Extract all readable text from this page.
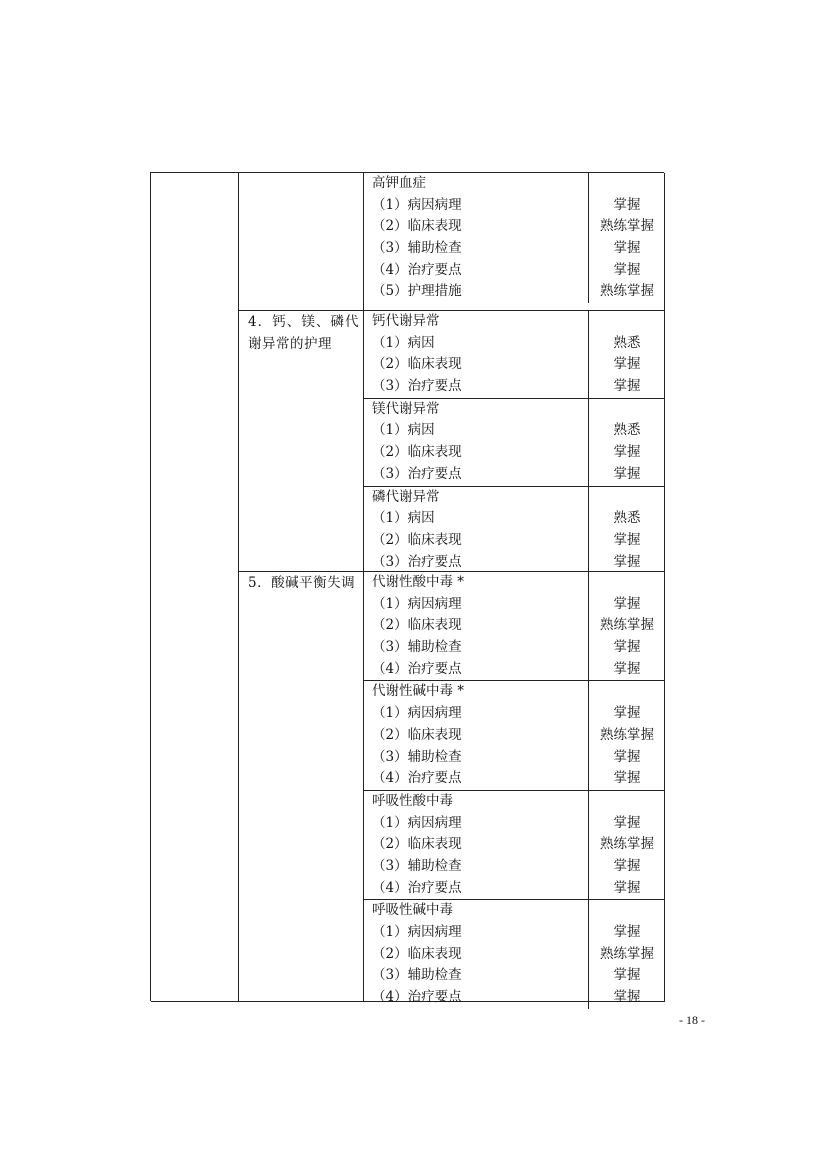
4．钙、镁、磷代谢异常的护理
5．酸碱平衡失调
高钾血症
（1）病因病理
（2）临床表现
（3）辅助检查
（4）治疗要点
（5）护理措施
掌握
熟练掌握
掌握
掌握
熟练掌握
钙代谢异常
（1）病因
（2）临床表现
（3）治疗要点
熟悉
掌握
掌握
镁代谢异常
（1）病因
（2）临床表现
（3）治疗要点
熟悉
掌握
掌握
磷代谢异常
（1）病因
（2）临床表现
（3）治疗要点
熟悉
掌握
掌握
代谢性酸中毒 *
（1）病因病理
（2）临床表现
（3）辅助检查
（4）治疗要点
掌握
熟练掌握
掌握
掌握
代谢性碱中毒 *
（1）病因病理
（2）临床表现
（3）辅助检查
（4）治疗要点
掌握
熟练掌握
掌握
掌握
呼吸性酸中毒
（1）病因病理
（2）临床表现
（3）辅助检查
（4）治疗要点
掌握
熟练掌握
掌握
掌握
呼吸性碱中毒
（1）病因病理
（2）临床表现
（3）辅助检查
（4）治疗要点
掌握
熟练掌握
掌握
掌握
- 18 -
